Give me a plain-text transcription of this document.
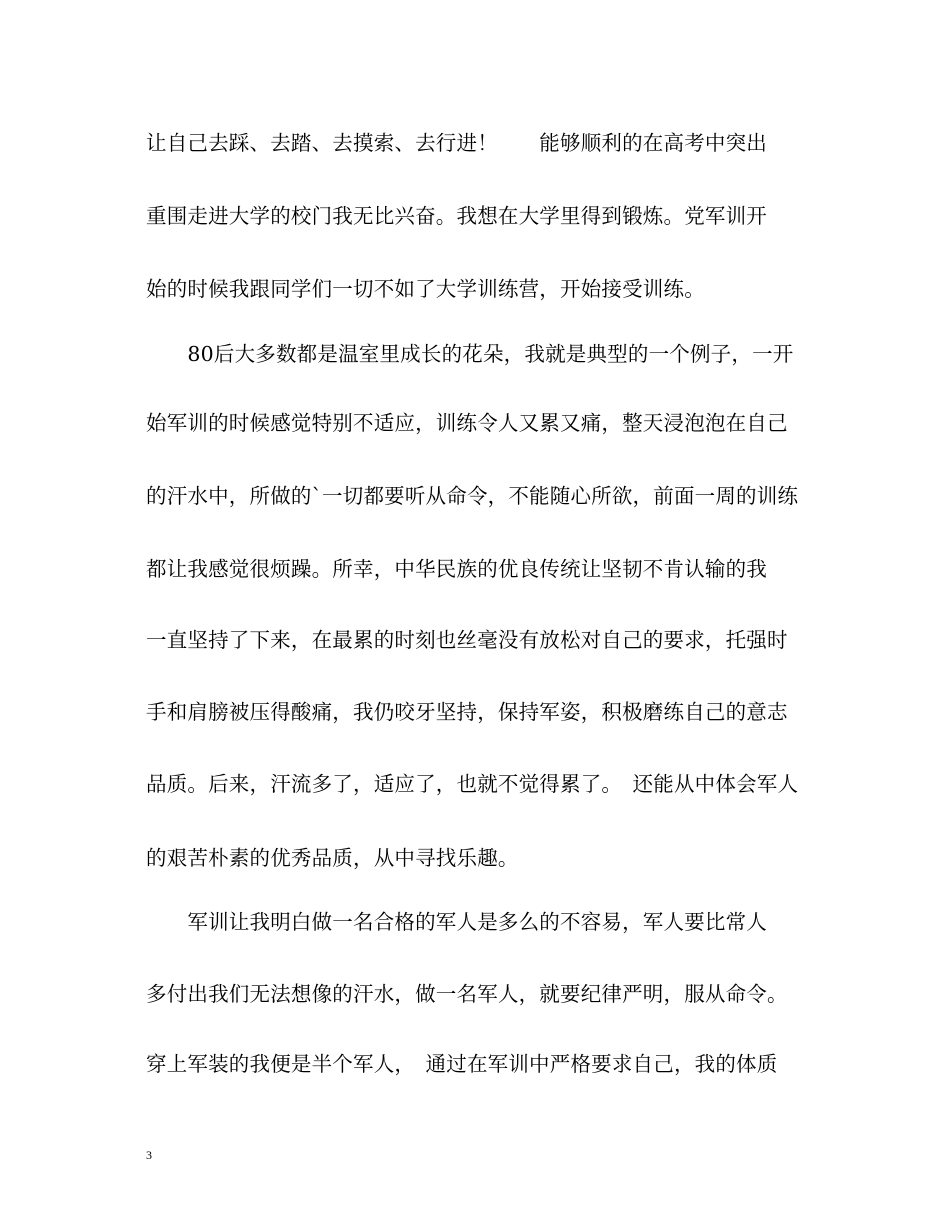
让自己去踩、去踏、去摸索、去行进！　　能够顺利的在高考中突出
重围走进大学的校门我无比兴奋。我想在大学里得到锻炼。党军训开
始的时候我跟同学们一切不如了大学训练营，开始接受训练。
　　80后大多数都是温室里成长的花朵，我就是典型的一个例子，一开
始军训的时候感觉特别不适应，训练令人又累又痛，整天浸泡泡在自己
的汗水中，所做的`一切都要听从命令，不能随心所欲，前面一周的训练
都让我感觉很烦躁。所幸，中华民族的优良传统让坚韧不肯认输的我
一直坚持了下来，在最累的时刻也丝毫没有放松对自己的要求，托强时
手和肩膀被压得酸痛，我仍咬牙坚持，保持军姿，积极磨练自己的意志
品质。后来，汗流多了，适应了，也就不觉得累了。　还能从中体会军人
的艰苦朴素的优秀品质，从中寻找乐趣。
　　军训让我明白做一名合格的军人是多么的不容易，军人要比常人
多付出我们无法想像的汗水，做一名军人，就要纪律严明，服从命令。
穿上军装的我便是半个军人，　通过在军训中严格要求自己，我的体质
3
